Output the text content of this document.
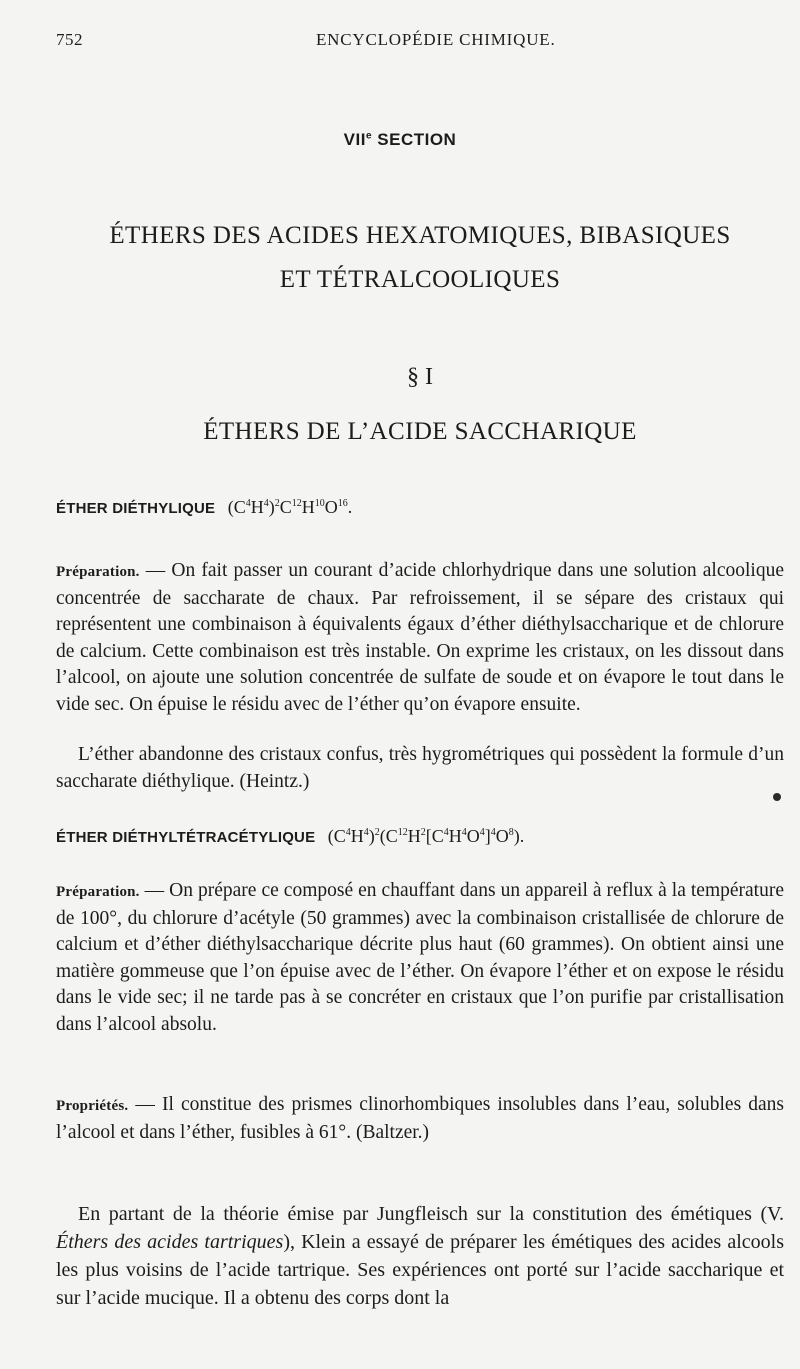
752	ENCYCLOPÉDIE CHIMIQUE.
VIIe SECTION
ÉTHERS DES ACIDES HEXATOMIQUES, BIBASIQUES
ET TÉTRALCOOLIQUES
§ I
ÉTHERS DE L’ACIDE SACCHARIQUE
ÉTHER DIÉTHYLIQUE $(C^4H^4)^2C^{12}H^{10}O^{16}$.

Préparation. — On fait passer un courant d’acide chlorhydrique dans une solution alcoolique concentrée de saccharate de chaux. Par refroissement, il se sépare des cristaux qui représentent une combinaison à équivalents égaux d’éther diéthylsaccharique et de chlorure de calcium. Cette combinaison est très instable. On exprime les cristaux, on les dissout dans l’alcool, on ajoute une solution concentrée de sulfate de soude et on évapore le tout dans le vide sec. On épuise le résidu avec de l’éther qu’on évapore ensuite.

L’éther abandonne des cristaux confus, très hygrométriques qui possèdent la formule d’un saccharate diéthylique. (Heintz.)

ÉTHER DIÉTHYLTÉTRACÉTYLIQUE $(C^4H^4)^2(C^{12}H^2[C^4H^4O^4]^4O^8)$.

Préparation. — On prépare ce composé en chauffant dans un appareil à reflux à la température de 100°, du chlorure d’acétyle (50 grammes) avec la combinaison cristallisée de chlorure de calcium et d’éther diéthylsaccharique décrite plus haut (60 grammes). On obtient ainsi une matière gommeuse que l’on épuise avec de l’éther. On évapore l’éther et on expose le résidu dans le vide sec; il ne tarde pas à se concréter en cristaux que l’on purifie par cristallisation dans l’alcool absolu.

Propriétés. — Il constitue des prismes clinorhombiques insolubles dans l’eau, solubles dans l’alcool et dans l’éther, fusibles à 61°. (Baltzer.)

En partant de la théorie émise par Jungfleisch sur la constitution des émétiques (V. Éthers des acides tartriques), Klein a essayé de préparer les émétiques des acides alcools les plus voisins de l’acide tartrique. Ses expériences ont porté sur l’acide saccharique et sur l’acide mucique. Il a obtenu des corps dont la
